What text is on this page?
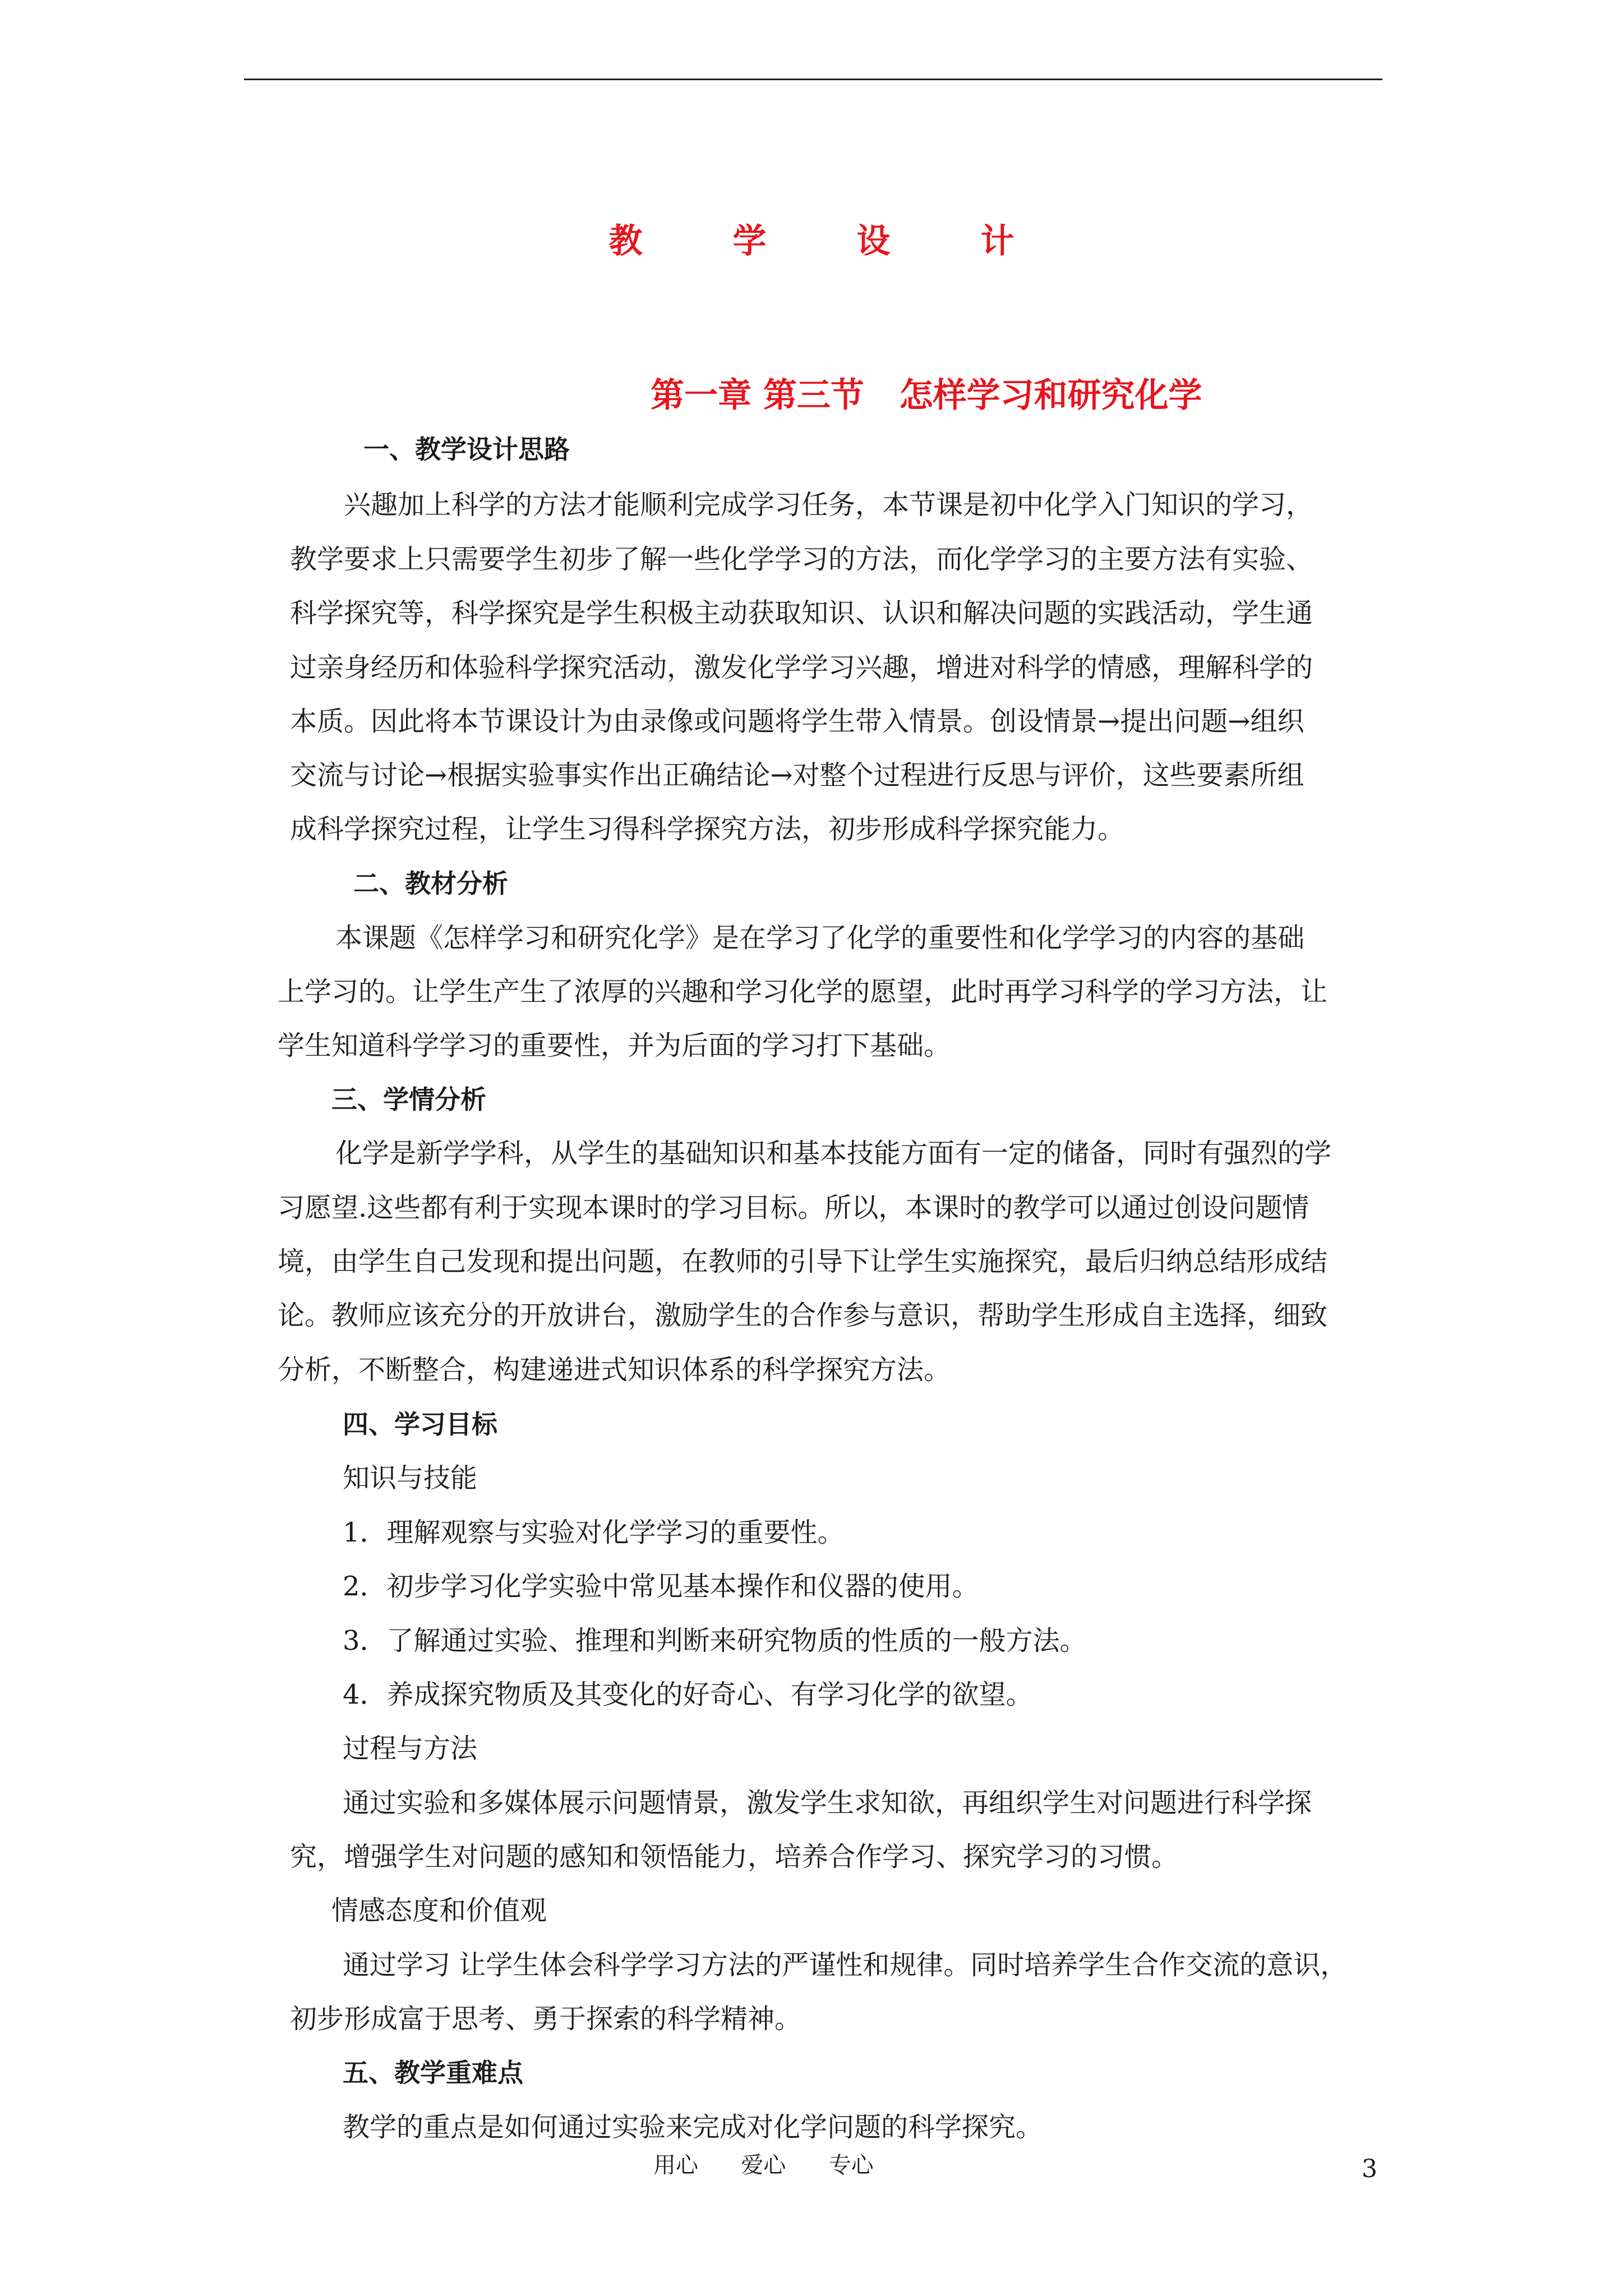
教 学 设 计
第一章 第三节   怎样学习和研究化学

一、教学设计思路

兴趣加上科学的方法才能顺利完成学习任务，本节课是初中化学入门知识的学习，

教学要求上只需要学生初步了解一些化学学习的方法，而化学学习的主要方法有实验、

科学探究等，科学探究是学生积极主动获取知识、认识和解决问题的实践活动，学生通

过亲身经历和体验科学探究活动，激发化学学习兴趣，增进对科学的情感，理解科学的

本质。因此将本节课设计为由录像或问题将学生带入情景。创设情景→提出问题→组织

交流与讨论→根据实验事实作出正确结论→对整个过程进行反思与评价，这些要素所组

成科学探究过程，让学生习得科学探究方法，初步形成科学探究能力。

二、教材分析

本课题《怎样学习和研究化学》是在学习了化学的重要性和化学学习的内容的基础

上学习的。让学生产生了浓厚的兴趣和学习化学的愿望，此时再学习科学的学习方法，让

学生知道科学学习的重要性，并为后面的学习打下基础。

三、学情分析

化学是新学学科，从学生的基础知识和基本技能方面有一定的储备，同时有强烈的学

习愿望.这些都有利于实现本课时的学习目标。所以，本课时的教学可以通过创设问题情

境，由学生自己发现和提出问题，在教师的引导下让学生实施探究，最后归纳总结形成结

论。教师应该充分的开放讲台，激励学生的合作参与意识，帮助学生形成自主选择，细致

分析，不断整合，构建递进式知识体系的科学探究方法。

四、学习目标

知识与技能

1．理解观察与实验对化学学习的重要性。

2．初步学习化学实验中常见基本操作和仪器的使用。

3．了解通过实验、推理和判断来研究物质的性质的一般方法。

4．养成探究物质及其变化的好奇心、有学习化学的欲望。

过程与方法

通过实验和多媒体展示问题情景，激发学生求知欲，再组织学生对问题进行科学探

究，增强学生对问题的感知和领悟能力，培养合作学习、探究学习的习惯。

情感态度和价值观

通过学习 让学生体会科学学习方法的严谨性和规律。同时培养学生合作交流的意识，

初步形成富于思考、勇于探索的科学精神。

五、教学重难点

教学的重点是如何通过实验来完成对化学问题的科学探究。

用心      爱心      专心	3
